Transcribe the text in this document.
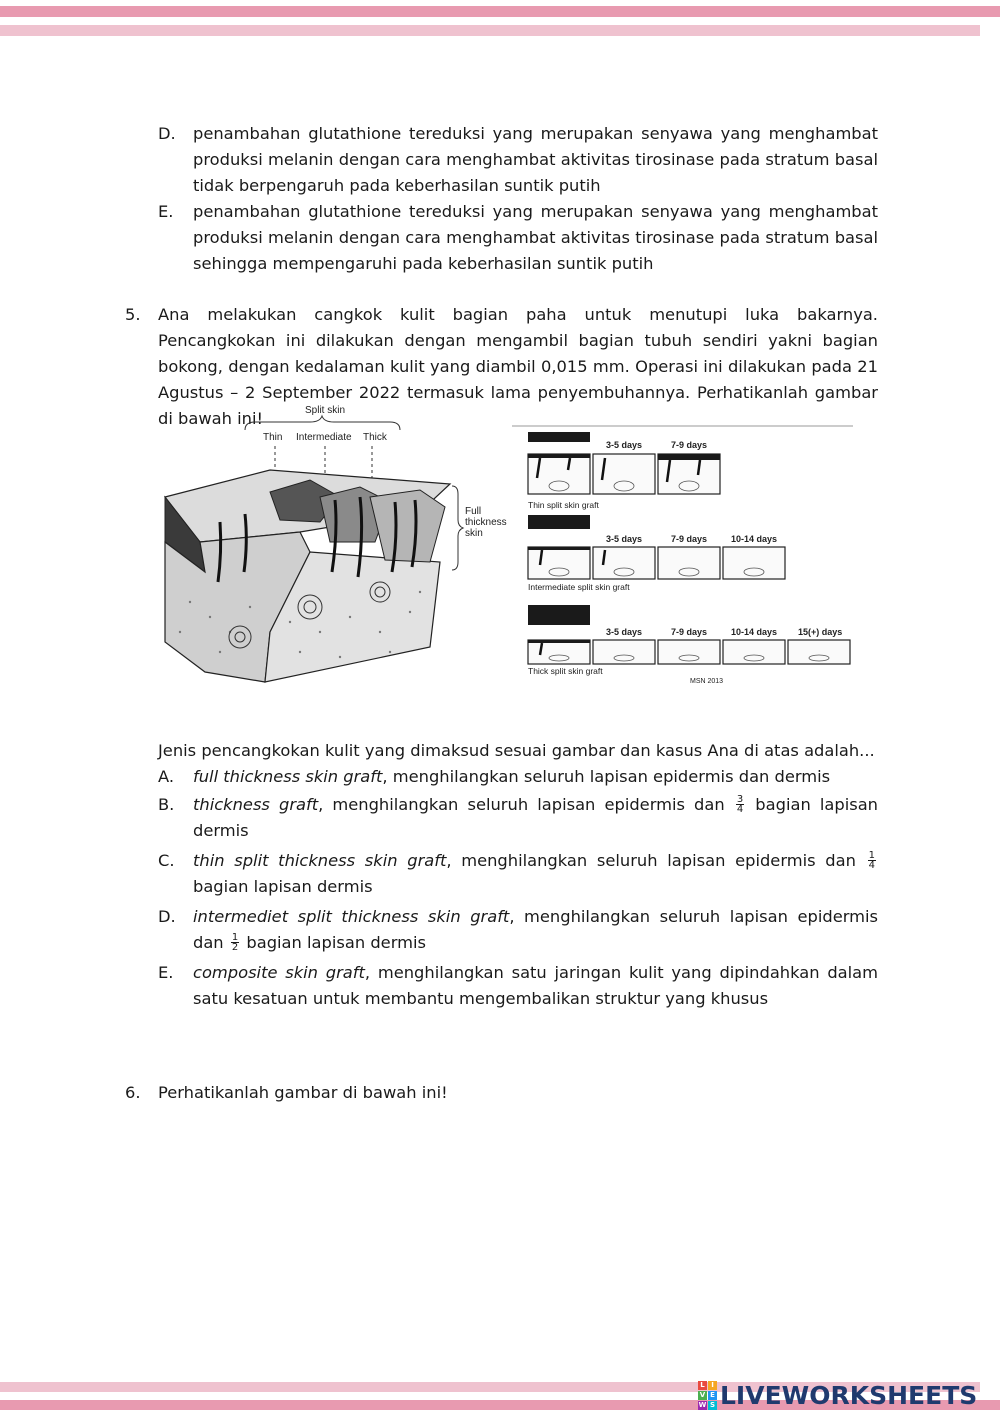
D. penambahan glutathione tereduksi yang merupakan senyawa yang menghambat produksi melanin dengan cara menghambat aktivitas tirosinase pada stratum basal tidak berpengaruh pada keberhasilan suntik putih
E. penambahan glutathione tereduksi yang merupakan senyawa yang menghambat produksi melanin dengan cara menghambat aktivitas tirosinase pada stratum basal sehingga mempengaruhi pada keberhasilan suntik putih
5. Ana melakukan cangkok kulit bagian paha untuk menutupi luka bakarnya. Pencangkokan ini dilakukan dengan mengambil bagian tubuh sendiri yakni bagian bokong, dengan kedalaman kulit yang diambil 0,015 mm. Operasi ini dilakukan pada 21 Agustus – 2 September 2022 termasuk lama penyembuhannya. Perhatikanlah gambar di bawah ini!	Split skin
Thin Intermediate Thick
Full
thickness
skin
3-5 days	7-9 days
Thin split skin graft
3-5 days	7-9 days	10-14 days
Intermediate split skin graft
3-5 days	7-9 days	10-14 days 15(+) days
Thick split skin graft
MSN 2013
Jenis pencangkokan kulit yang dimaksud sesuai gambar dan kasus Ana di atas adalah...
A. full thickness skin graft, menghilangkan seluruh lapisan epidermis dan dermis
B. thickness graft, menghilangkan seluruh lapisan epidermis dan $\frac{3}{4}$ bagian lapisan dermis
C. thin split thickness skin graft, menghilangkan seluruh lapisan epidermis dan $\frac{1}{4}$
bagian lapisan dermis
D. intermediet split thickness skin graft, menghilangkan seluruh lapisan epidermis dan $\frac{1}{2}$ bagian lapisan dermis
E. composite skin graft, menghilangkan satu jaringan kulit yang dipindahkan dalam satu kesatuan untuk membantu mengembalikan struktur yang khusus
6. Perhatikanlah gambar di bawah ini!
L I
V E
W S LIVEWORKSHEETS
